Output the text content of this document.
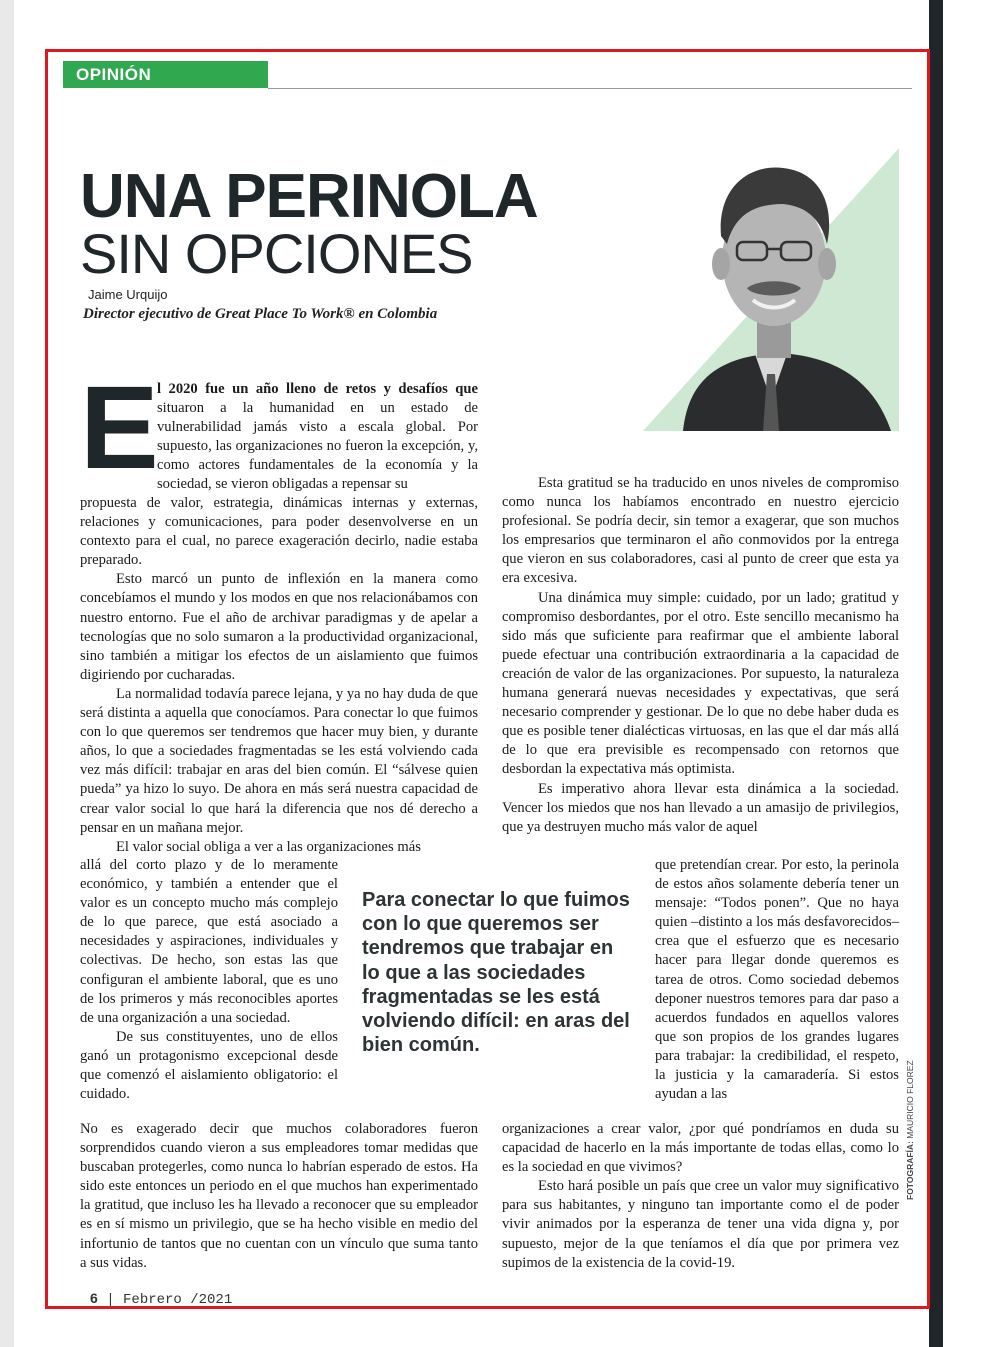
OPINIÓN
UNA PERINOLA
SIN OPCIONES
Jaime Urquijo
Director ejecutivo de Great Place To Work® en Colombia
E

l 2020 fue un año lleno de retos y desafíos que situaron a la humanidad en un estado de vulnerabilidad jamás visto a escala global. Por supuesto, las organizaciones no fueron la excepción, y, como actores fundamentales de la economía y la sociedad, se vieron obligadas a repensar su

propuesta de valor, estrategia, dinámicas internas y externas, relaciones y comunicaciones, para poder desenvolverse en un contexto para el cual, no parece exageración decirlo, nadie estaba preparado.

Esto marcó un punto de inflexión en la manera como concebíamos el mundo y los modos en que nos relacionábamos con nuestro entorno. Fue el año de archivar paradigmas y de apelar a tecnologías que no solo sumaron a la productividad organizacional, sino también a mitigar los efectos de un aislamiento que fuimos digiriendo por cucharadas.

La normalidad todavía parece lejana, y ya no hay duda de que será distinta a aquella que conocíamos. Para conectar lo que fuimos con lo que queremos ser tendremos que hacer muy bien, y durante años, lo que a sociedades fragmentadas se les está volviendo cada vez más difícil: trabajar en aras del bien común. El “sálvese quien pueda” ya hizo lo suyo. De ahora en más será nuestra capacidad de crear valor social lo que hará la diferencia que nos dé derecho a pensar en un mañana mejor.

El valor social obliga a ver a las organizaciones más

allá del corto plazo y de lo meramente económico, y también a entender que el valor es un concepto mucho más complejo de lo que parece, que está asociado a necesidades y aspiraciones, individuales y colectivas. De hecho, son estas las que configuran el ambiente laboral, que es uno de los primeros y más reconocibles aportes de una organización a una sociedad.

De sus constituyentes, uno de ellos ganó un protagonismo excepcional desde que comenzó el aislamiento obligatorio: el cuidado.

No es exagerado decir que muchos colaboradores fueron sorprendidos cuando vieron a sus empleadores tomar medidas que buscaban protegerles, como nunca lo habrían esperado de estos. Ha sido este entonces un periodo en el que muchos han experimentado la gratitud, que incluso les ha llevado a reconocer que su empleador es en sí mismo un privilegio, que se ha hecho visible en medio del infortunio de tantos que no cuentan con un vínculo que suma tanto a sus vidas.

Esta gratitud se ha traducido en unos niveles de compromiso como nunca los habíamos encontrado en nuestro ejercicio profesional. Se podría decir, sin temor a exagerar, que son muchos los empresarios que terminaron el año conmovidos por la entrega que vieron en sus colaboradores, casi al punto de creer que esta ya era excesiva.

Una dinámica muy simple: cuidado, por un lado; gratitud y compromiso desbordantes, por el otro. Este sencillo mecanismo ha sido más que suficiente para reafirmar que el ambiente laboral puede efectuar una contribución extraordinaria a la capacidad de creación de valor de las organizaciones. Por supuesto, la naturaleza humana generará nuevas necesidades y expectativas, que será necesario comprender y gestionar. De lo que no debe haber duda es que es posible tener dialécticas virtuosas, en las que el dar más allá de lo que era previsible es recompensado con retornos que desbordan la expectativa más optimista.

Es imperativo ahora llevar esta dinámica a la sociedad. Vencer los miedos que nos han llevado a un amasijo de privilegios, que ya destruyen mucho más valor de aquel

que pretendían crear. Por esto, la perinola de estos años solamente debería tener un mensaje: “Todos ponen”. Que no haya quien –distinto a los más desfavorecidos– crea que el esfuerzo que es necesario hacer para llegar donde queremos es tarea de otros. Como sociedad debemos deponer nuestros temores para dar paso a acuerdos fundados en aquellos valores que son propios de los grandes lugares para trabajar: la credibilidad, el respeto, la justicia y la camaradería. Si estos ayudan a las

organizaciones a crear valor, ¿por qué pondríamos en duda su capacidad de hacerlo en la más importante de todas ellas, como lo es la sociedad en que vivimos?

Esto hará posible un país que cree un valor muy significativo para sus habitantes, y ninguno tan importante como el de poder vivir animados por la esperanza de tener una vida digna y, por supuesto, mejor de la que teníamos el día que por primera vez supimos de la existencia de la covid-19.

Para conectar lo que fuimos con lo que queremos ser tendremos que trabajar en lo que a las sociedades fragmentadas se les está volviendo difícil: en aras del bien común.
FOTOGRAFÍA: MAURICIO FLOREZ
6 | Febrero /2021
